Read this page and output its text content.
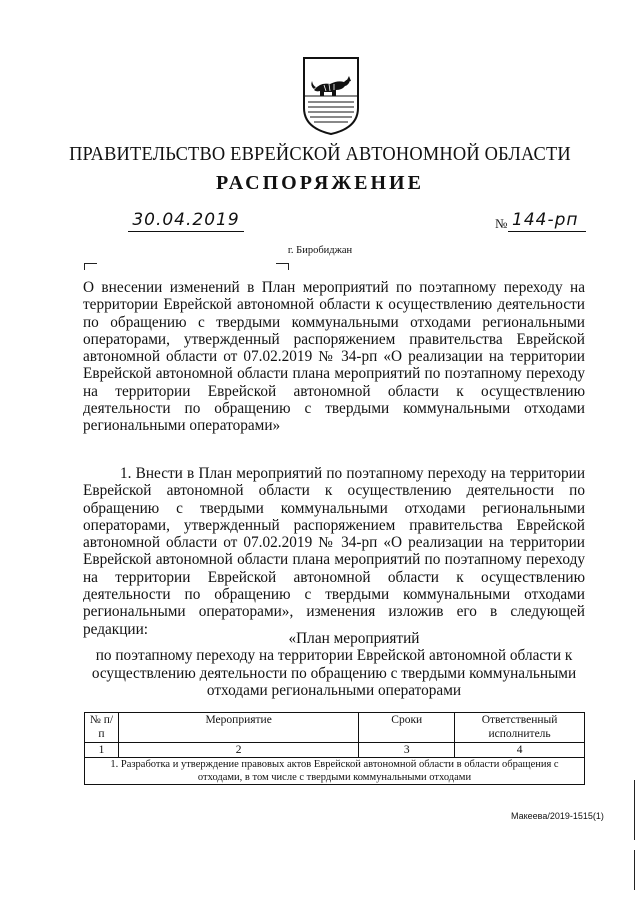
ПРАВИТЕЛЬСТВО ЕВРЕЙСКОЙ АВТОНОМНОЙ ОБЛАСТИ
РАСПОРЯЖЕНИЕ
30.04.2019	№ 144-рп
г. Биробиджан
О внесении изменений в План мероприятий по поэтапному переходу на территории Еврейской автономной области к осуществлению деятельности по обращению с твердыми коммунальными отходами региональными операторами, утвержденный распоряжением правительства Еврейской автономной области от 07.02.2019 № 34-рп «О реализации на территории Еврейской автономной области плана мероприятий по поэтапному переходу на территории Еврейской автономной области к осуществлению деятельности по обращению с твердыми коммунальными отходами региональными операторами»
1. Внести в План мероприятий по поэтапному переходу на территории Еврейской автономной области к осуществлению деятельности по обращению с твердыми коммунальными отходами региональными операторами, утвержденный распоряжением правительства Еврейской автономной области от 07.02.2019 № 34-рп «О реализации на территории Еврейской автономной области плана мероприятий по поэтапному переходу на территории Еврейской автономной области к осуществлению деятельности по обращению с твердыми коммунальными отходами региональными операторами», изменения изложив его в следующей редакции:
«План мероприятий
по поэтапному переходу на территории Еврейской автономной области к осуществлению деятельности по обращению с твердыми коммунальными отходами региональными операторами
№ п/п	Мероприятие	Сроки	Ответственный исполнитель
1	2	3	4
1. Разработка и утверждение правовых актов Еврейской автономной области в области обращения с отходами, в том числе с твердыми коммунальными отходами			
Макеева/2019-1515(1)
